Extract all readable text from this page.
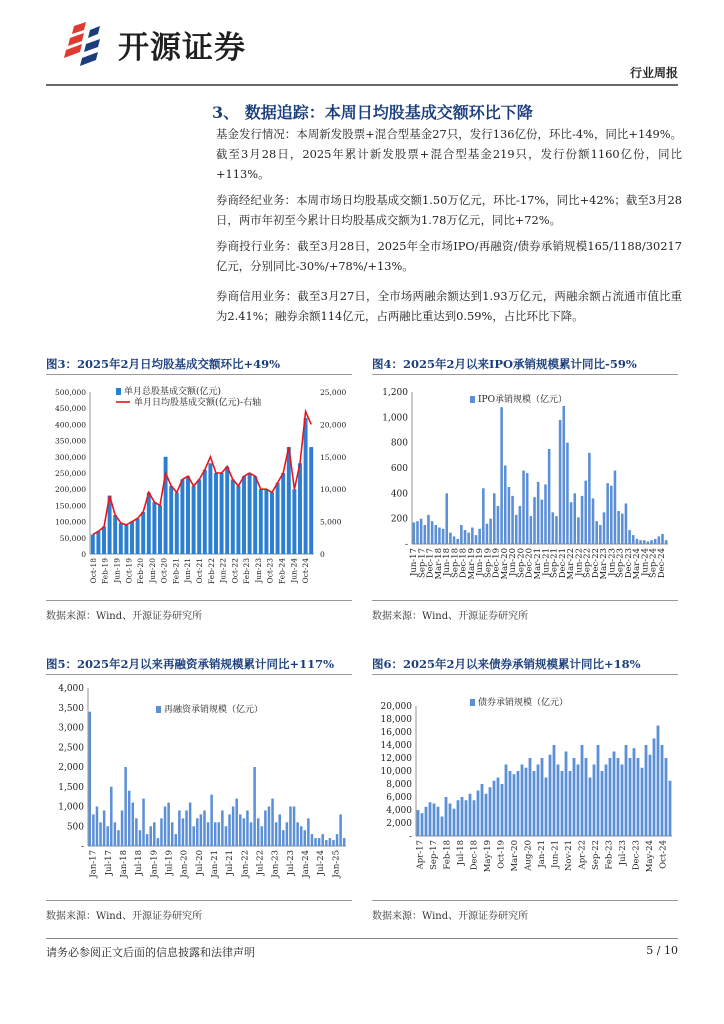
开源证券
行业周报
3、 数据追踪：本周日均股基成交额环比下降
基金发行情况：本周新发股票+混合型基金27只，发行136亿份，环比-4%，同比+149%。截至3月28日，2025年累计新发股票+混合型基金219只，发行份额1160亿份，同比+113%。
券商经纪业务：本周市场日均股基成交额1.50万亿元，环比-17%，同比+42%；截至3月28日，两市年初至今累计日均股基成交额为1.78万亿元，同比+72%。
券商投行业务：截至3月28日，2025年全市场IPO/再融资/债券承销规模165/1188/30217亿元，分别同比-30%/+78%/+13%。
券商信用业务：截至3月27日，全市场两融余额达到1.93万亿元，两融余额占流通市值比重为2.41%；融券余额114亿元，占两融比重达到0.59%，占比环比下降。
图3：2025年2月日均股基成交额环比+49%
0
50,000
100,000
150,000
200,000
250,000
300,000
350,000
400,000
450,000
500,000
Oct-18 Feb-19 Jun-19 Oct-19 Feb-20 Jun-20 Oct-20 Feb-21 Jun-21 Oct-21 Feb-22 Jun-22 Oct-22 Feb-23 Jun-23 Oct-23 Feb-24 Jun-24 Oct-24
单月总股基成交额(亿元)
0
5,000
10,000
15,000
20,000
25,000
单月日均股基成交额(亿元)-右轴
数据来源：Wind、开源证券研究所
图4：2025年2月以来IPO承销规模累计同比-59%
-
200
400
600
800
1,000
1,200
Jun-17
Sep-17
Dec-17
Mar-18
Jun-18
Sep-18
Dec-18
Mar-19
Jun-19
Sep-19
Dec-19
Mar-20
Jun-20
Sep-20
Dec-20
Mar-21
Jun-21
Sep-21
Dec-21
Mar-22
Jun-22
Sep-22
Dec-22
Mar-23
Jun-23
Sep-23
Dec-23
Mar-24
Jun-24
Sep-24
Dec-24
IPO承销规模（亿元）
数据来源：Wind、开源证券研究所
图5：2025年2月以来再融资承销规模累计同比+117%
-
500
1,000
1,500
2,000
2,500
3,000
3,500
4,000
Jan-17 Jul-17 Jan-18 Jul-18 Jan-19 Jul-19 Jan-20 Jul-20 Jan-21 Jul-21 Jan-22 Jul-22 Jan-23 Jul-23 Jan-24 Jul-24 Jan-25
再融资承销规模（亿元）
数据来源：Wind、开源证券研究所
图6：2025年2月以来债券承销规模累计同比+18%
-
2,000
4,000
6,000
8,000
10,000
12,000
14,000
16,000
18,000
20,000
Apr-17 Sep-17 Feb-18 Jul-18 Dec-18 May-19 Oct-19 Mar-20 Aug-20 Jan-21 Jun-21 Nov-21 Apr-22 Sep-22 Feb-23 Jul-23 Dec-23 May-24 Oct-24
债券承销规模（亿元）
数据来源：Wind、开源证券研究所
请务必参阅正文后面的信息披露和法律声明	5 / 10
